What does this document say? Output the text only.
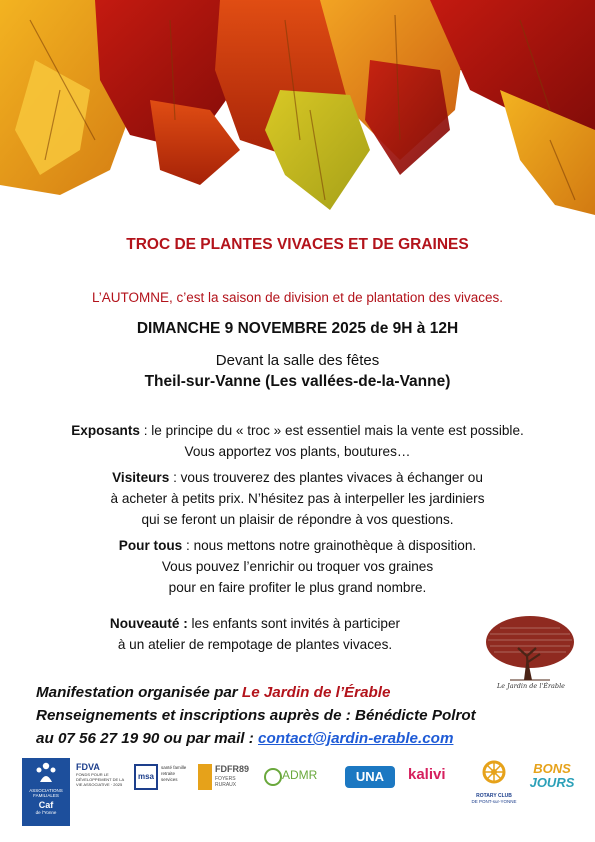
TROC DE PLANTES VIVACES ET DE GRAINES
L’AUTOMNE, c’est la saison de division et de plantation des vivaces.
DIMANCHE 9 NOVEMBRE 2025 de 9H à 12H
Devant la salle des fêtes
Theil-sur-Vanne (Les vallées-de-la-Vanne)
Exposants : le principe du « troc » est essentiel mais la vente est possible.
Vous apportez vos plants, boutures…
Visiteurs : vous trouverez des plantes vivaces à échanger ou
à acheter à petits prix. N’hésitez pas à interpeller les jardiniers
qui se feront un plaisir de répondre à vos questions.
Pour tous : nous mettons notre grainothèque à disposition.
Vous pouvez l’enrichir ou troquer vos graines
pour en faire profiter le plus grand nombre.
Nouveauté : les enfants sont invités à participer
à un atelier de rempotage de plantes vivaces.
Le Jardin de l'Érable
Manifestation organisée par Le Jardin de l’Érable
Renseignements et inscriptions auprès de : Bénédicte Polrot
au 07 56 27 19 90 ou par mail : contact@jardin-erable.com
ASSOCIATIONS FAMILIALES
Caf
de l'Yonne
FDVA
FONDS POUR LE DÉVELOPPEMENT DE LA VIE ASSOCIATIVE · 2025
msa
santé famille retraite services
FDFR89
FOYERS RURAUX
ADMR	UNA	kalivi
ROTARY CLUB
DE PONT-sur-YONNE
BONS
JOURS
